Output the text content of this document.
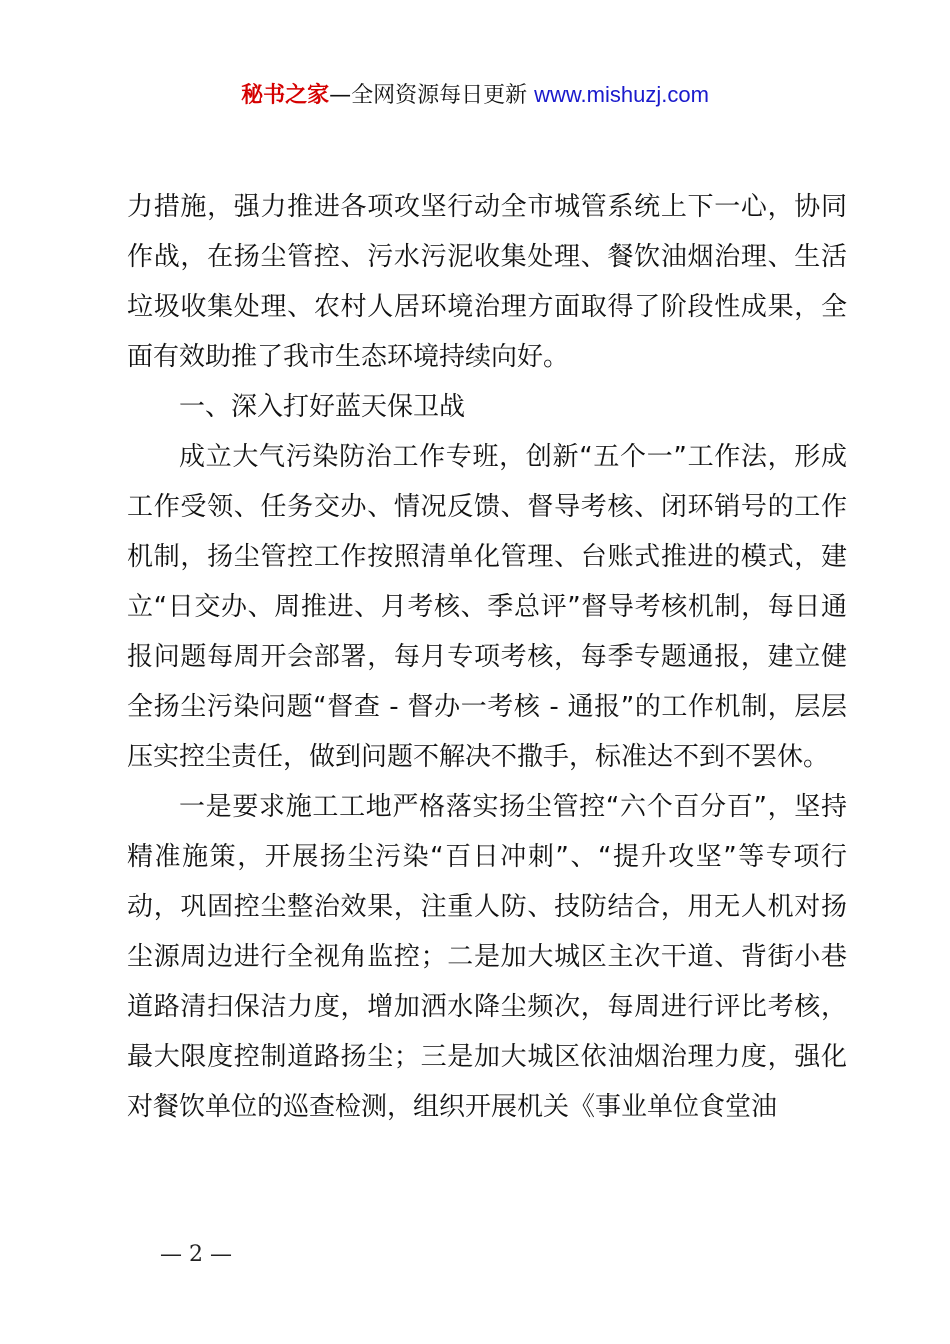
秘书之家—全网资源每日更新 www.mishuzj.com

力措施，强力推进各项攻坚行动全市城管系统上下一心，协同作战，在扬尘管控、污水污泥收集处理、餐饮油烟治理、生活垃圾收集处理、农村人居环境治理方面取得了阶段性成果，全面有效助推了我市生态环境持续向好。

一、深入打好蓝天保卫战

成立大气污染防治工作专班，创新“五个一”工作法，形成工作受领、任务交办、情况反馈、督导考核、闭环销号的工作机制，扬尘管控工作按照清单化管理、台账式推进的模式，建立“日交办、周推进、月考核、季总评”督导考核机制，每日通报问题每周开会部署，每月专项考核，每季专题通报，建立健全扬尘污染问题“督查 - 督办一考核 - 通报”的工作机制，层层压实控尘责任，做到问题不解决不撒手，标准达不到不罢休。

一是要求施工工地严格落实扬尘管控“六个百分百”，坚持精准施策，开展扬尘污染“百日冲刺”、“提升攻坚”等专项行动，巩固控尘整治效果，注重人防、技防结合，用无人机对扬尘源周边进行全视角监控；二是加大城区主次干道、背街小巷道路清扫保洁力度，增加洒水降尘频次，每周进行评比考核，最大限度控制道路扬尘；三是加大城区依油烟治理力度，强化对餐饮单位的巡查检测，组织开展机关《事业单位食堂油

— 2 —
